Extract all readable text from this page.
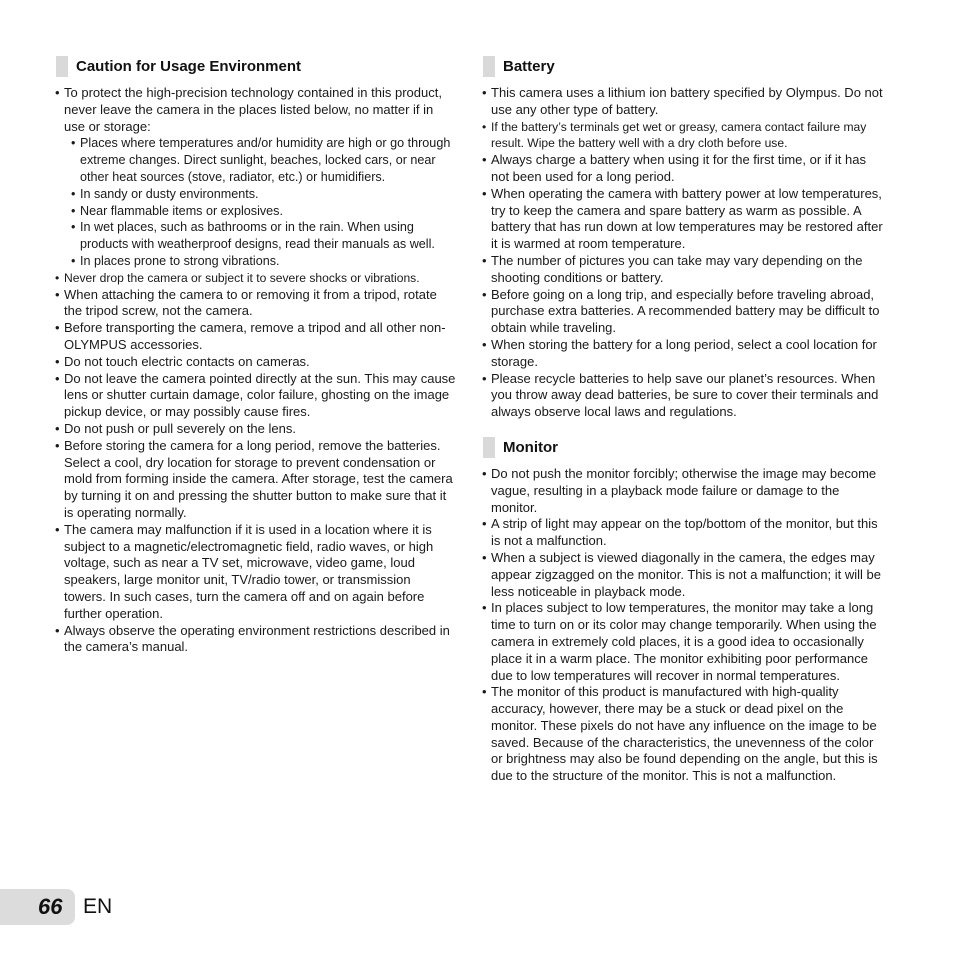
Caution for Usage Environment
• To protect the high-precision technology contained in this product, never leave the camera in the places listed below, no matter if in use or storage:
• Places where temperatures and/or humidity are high or go through extreme changes. Direct sunlight, beaches, locked cars, or near other heat sources (stove, radiator, etc.) or humidifiers.
• In sandy or dusty environments.
• Near flammable items or explosives.
• In wet places, such as bathrooms or in the rain. When using products with weatherproof designs, read their manuals as well.
• In places prone to strong vibrations.
• Never drop the camera or subject it to severe shocks or vibrations.
• When attaching the camera to or removing it from a tripod, rotate the tripod screw, not the camera.
• Before transporting the camera, remove a tripod and all other non-OLYMPUS accessories.
• Do not touch electric contacts on cameras.
• Do not leave the camera pointed directly at the sun. This may cause lens or shutter curtain damage, color failure, ghosting on the image pickup device, or may possibly cause fires.
• Do not push or pull severely on the lens.
• Before storing the camera for a long period, remove the batteries. Select a cool, dry location for storage to prevent condensation or mold from forming inside the camera. After storage, test the camera by turning it on and pressing the shutter button to make sure that it is operating normally.
• The camera may malfunction if it is used in a location where it is subject to a magnetic/electromagnetic field, radio waves, or high voltage, such as near a TV set, microwave, video game, loud speakers, large monitor unit, TV/radio tower, or transmission towers. In such cases, turn the camera off and on again before further operation.
• Always observe the operating environment restrictions described in the camera’s manual.
Battery
• This camera uses a lithium ion battery specified by Olympus. Do not use any other type of battery.
• If the battery’s terminals get wet or greasy, camera contact failure may result. Wipe the battery well with a dry cloth before use.
• Always charge a battery when using it for the first time, or if it has not been used for a long period.
• When operating the camera with battery power at low temperatures, try to keep the camera and spare battery as warm as possible. A battery that has run down at low temperatures may be restored after it is warmed at room temperature.
• The number of pictures you can take may vary depending on the shooting conditions or battery.
• Before going on a long trip, and especially before traveling abroad, purchase extra batteries. A recommended battery may be difficult to obtain while traveling.
• When storing the battery for a long period, select a cool location for storage.
• Please recycle batteries to help save our planet’s resources. When you throw away dead batteries, be sure to cover their terminals and always observe local laws and regulations.
Monitor
• Do not push the monitor forcibly; otherwise the image may become vague, resulting in a playback mode failure or damage to the monitor.
• A strip of light may appear on the top/bottom of the monitor, but this is not a malfunction.
• When a subject is viewed diagonally in the camera, the edges may appear zigzagged on the monitor. This is not a malfunction; it will be less noticeable in playback mode.
• In places subject to low temperatures, the monitor may take a long time to turn on or its color may change temporarily. When using the camera in extremely cold places, it is a good idea to occasionally place it in a warm place. The monitor exhibiting poor performance due to low temperatures will recover in normal temperatures.
• The monitor of this product is manufactured with high-quality accuracy, however, there may be a stuck or dead pixel on the monitor. These pixels do not have any influence on the image to be saved. Because of the characteristics, the unevenness of the color or brightness may also be found depending on the angle, but this is due to the structure of the monitor. This is not a malfunction.
66 EN
